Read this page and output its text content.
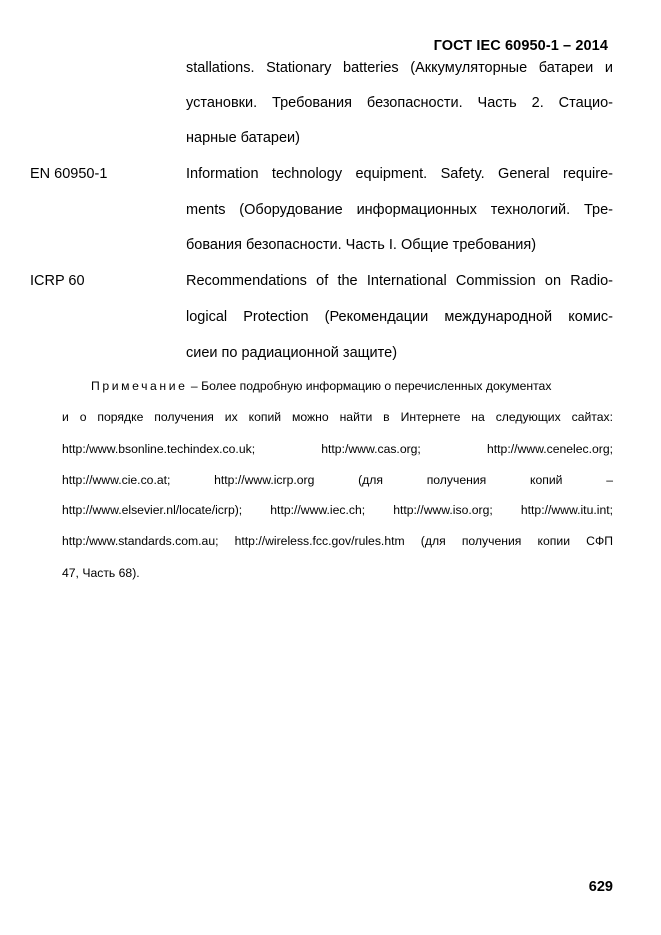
ГОСТ IEC 60950-1 – 2014
stallations. Stationary batteries (Аккумуляторные батареи и
установки. Требования безопасности. Часть 2. Стацио-
нарные батареи)
EN 60950-1	Information technology equipment. Safety. General require-
ments (Оборудование информационных технологий. Тре-
бования безопасности. Часть I. Общие требования)
ICRP 60	Recommendations of the International Commission on Radio-
logical Protection (Рекомендации международной комис-
сиеи по радиационной защите)
Примечание – Более подробную информацию о перечисленных документах
и о порядке получения их копий можно найти в Интернете на следующих сайтах:
http:/www.bsonline.techindex.co.uk; http:/www.cas.org; http://www.cenelec.org;
http://www.cie.co.at; http://www.icrp.org (для получения копий –
http://www.elsevier.nl/locate/icrp); http://www.iec.ch; http://www.iso.org; http://www.itu.int;
http:/www.standards.com.au; http://wireless.fcc.gov/rules.htm (для получения копии СФП
47, Часть 68).
629
